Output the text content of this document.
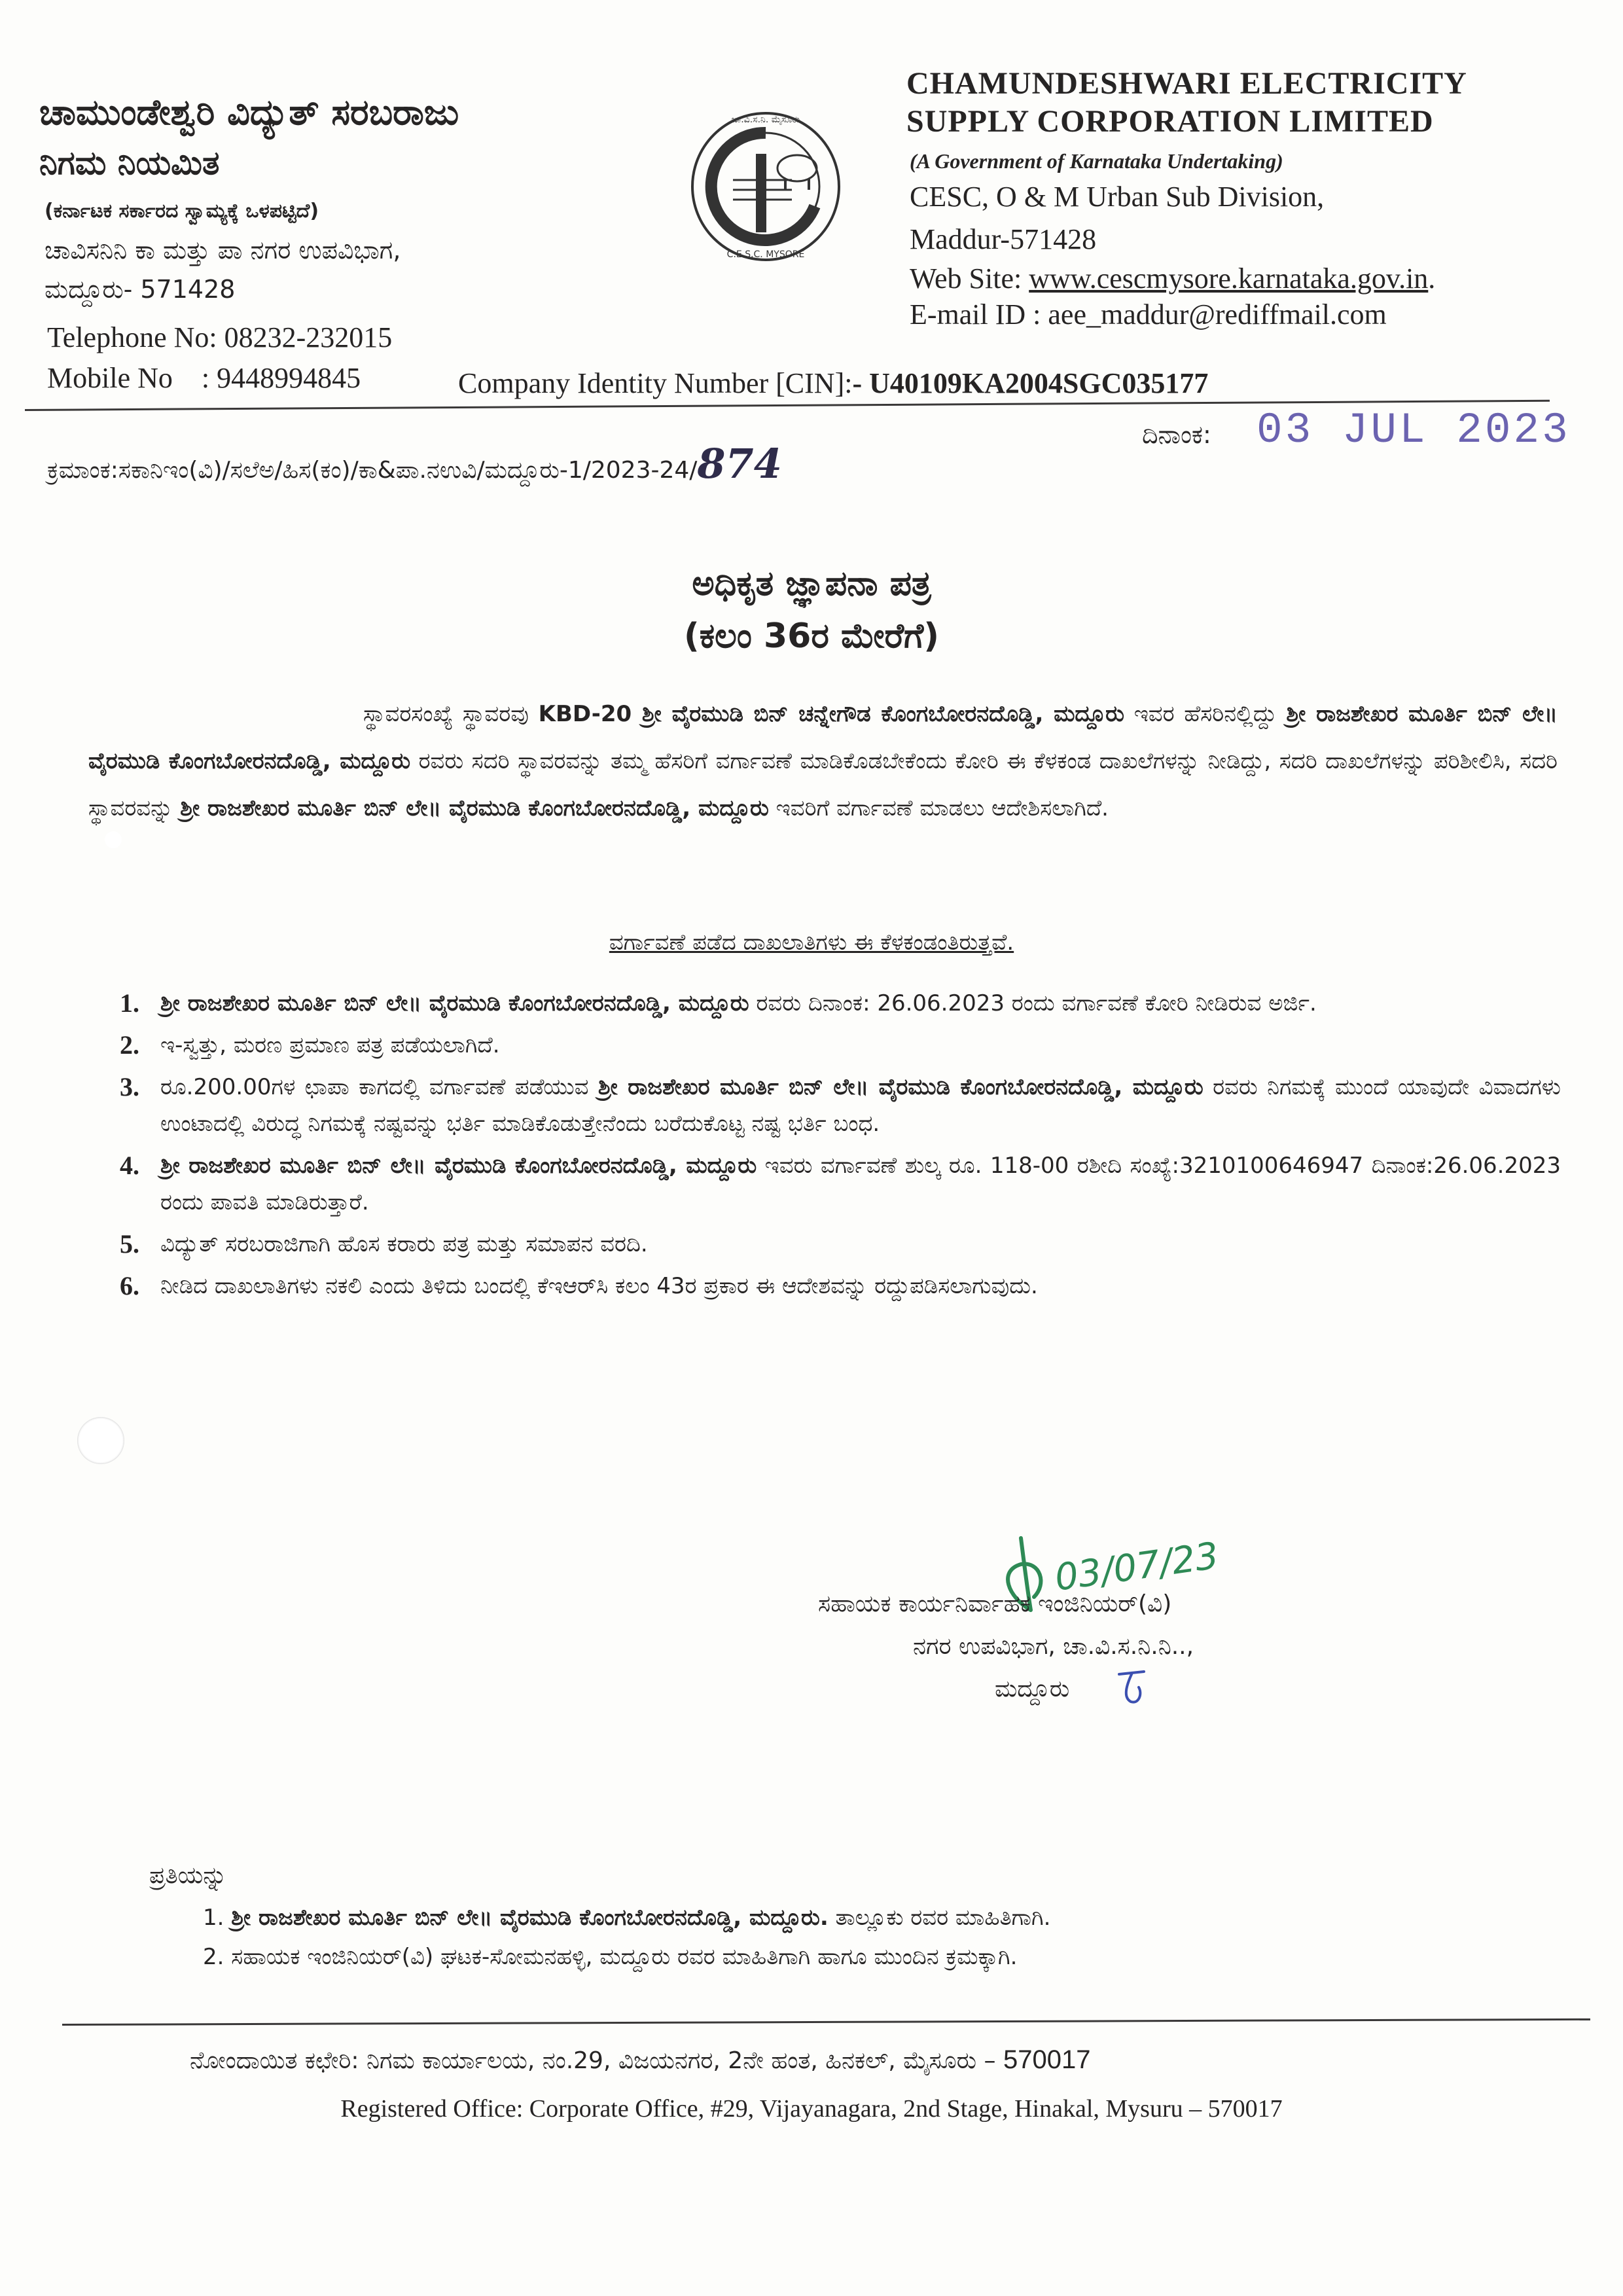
ಚಾಮುಂಡೇಶ್ವರಿ ವಿದ್ಯುತ್ ಸರಬರಾಜು
ನಿಗಮ ನಿಯಮಿತ
(ಕರ್ನಾಟಕ ಸರ್ಕಾರದ ಸ್ವಾಮ್ಯಕ್ಕೆ ಒಳಪಟ್ಟಿದೆ)
ಚಾವಿಸನಿನಿ ಕಾ ಮತ್ತು ಪಾ ನಗರ ಉಪವಿಭಾಗ,
ಮದ್ದೂರು- 571428
Telephone No: 08232-232015
Mobile No    : 9448994845
ಚಾ.ವಿ.ಸ.ನಿ. ಮೈಸೂರು
C.E.S.C. MYSORE
CHAMUNDESHWARI ELECTRICITY
SUPPLY CORPORATION LIMITED
(A Government of Karnataka Undertaking)
CESC, O & M Urban Sub Division,
Maddur-571428
Web Site: www.cescmysore.karnataka.gov.in.
E-mail ID : aee_maddur@rediffmail.com
Company Identity Number [CIN]:- U40109KA2004SGC035177
ಕ್ರಮಾಂಕ:ಸಕಾನಿಇಂ(ವಿ)/ಸಲೆಅ/ಹಿಸ(ಕಂ)/ಕಾ&ಪಾ.ನಉವಿ/ಮದ್ದೂರು-1/2023-24/874
ದಿನಾಂಕ: 03 JUL 2023
ಅಧಿಕೃತ ಜ್ಞಾಪನಾ ಪತ್ರ
(ಕಲಂ 36ರ ಮೇರೆಗೆ)
ಸ್ಥಾವರಸಂಖ್ಯೆ ಸ್ಥಾವರವು KBD-20 ಶ್ರೀ ವೈರಮುಡಿ ಬಿನ್ ಚನ್ನೇಗೌಡ ಕೊಂಗಬೋರನದೊಡ್ಡಿ, ಮದ್ದೂರು ಇವರ ಹೆಸರಿನಲ್ಲಿದ್ದು ಶ್ರೀ ರಾಜಶೇಖರ ಮೂರ್ತಿ ಬಿನ್ ಲೇ॥ ವೈರಮುಡಿ ಕೊಂಗಬೋರನದೊಡ್ಡಿ, ಮದ್ದೂರು ರವರು ಸದರಿ ಸ್ಥಾವರವನ್ನು ತಮ್ಮ ಹೆಸರಿಗೆ ವರ್ಗಾವಣೆ ಮಾಡಿಕೊಡಬೇಕೆಂದು ಕೋರಿ ಈ ಕೆಳಕಂಡ ದಾಖಲೆಗಳನ್ನು ನೀಡಿದ್ದು, ಸದರಿ ದಾಖಲೆಗಳನ್ನು ಪರಿಶೀಲಿಸಿ, ಸದರಿ ಸ್ಥಾವರವನ್ನು ಶ್ರೀ ರಾಜಶೇಖರ ಮೂರ್ತಿ ಬಿನ್ ಲೇ॥ ವೈರಮುಡಿ ಕೊಂಗಬೋರನದೊಡ್ಡಿ, ಮದ್ದೂರು ಇವರಿಗೆ ವರ್ಗಾವಣೆ ಮಾಡಲು ಆದೇಶಿಸಲಾಗಿದೆ.
ವರ್ಗಾವಣೆ ಪಡೆದ ದಾಖಲಾತಿಗಳು ಈ ಕೆಳಕಂಡಂತಿರುತ್ತವೆ.
1. ಶ್ರೀ ರಾಜಶೇಖರ ಮೂರ್ತಿ ಬಿನ್ ಲೇ॥ ವೈರಮುಡಿ ಕೊಂಗಬೋರನದೊಡ್ಡಿ, ಮದ್ದೂರು ರವರು ದಿನಾಂಕ: 26.06.2023 ರಂದು ವರ್ಗಾವಣೆ ಕೋರಿ ನೀಡಿರುವ ಅರ್ಜಿ.
2. ಇ-ಸ್ವತ್ತು, ಮರಣ ಪ್ರಮಾಣ ಪತ್ರ ಪಡೆಯಲಾಗಿದೆ.
3. ರೂ.200.00ಗಳ ಛಾಪಾ ಕಾಗದಲ್ಲಿ ವರ್ಗಾವಣೆ ಪಡೆಯುವ ಶ್ರೀ ರಾಜಶೇಖರ ಮೂರ್ತಿ ಬಿನ್ ಲೇ॥ ವೈರಮುಡಿ ಕೊಂಗಬೋರನದೊಡ್ಡಿ, ಮದ್ದೂರು ರವರು ನಿಗಮಕ್ಕೆ ಮುಂದೆ ಯಾವುದೇ ವಿವಾದಗಳು ಉಂಟಾದಲ್ಲಿ ವಿರುದ್ಧ ನಿಗಮಕ್ಕೆ ನಷ್ಟವನ್ನು ಭರ್ತಿ ಮಾಡಿಕೊಡುತ್ತೇನೆಂದು ಬರೆದುಕೊಟ್ಟ ನಷ್ಟ ಭರ್ತಿ ಬಂಧ.
4. ಶ್ರೀ ರಾಜಶೇಖರ ಮೂರ್ತಿ ಬಿನ್ ಲೇ॥ ವೈರಮುಡಿ ಕೊಂಗಬೋರನದೊಡ್ಡಿ, ಮದ್ದೂರು ಇವರು ವರ್ಗಾವಣೆ ಶುಲ್ಕ ರೂ. 118-00 ರಶೀದಿ ಸಂಖ್ಯೆ:3210100646947 ದಿನಾಂಕ:26.06.2023 ರಂದು ಪಾವತಿ ಮಾಡಿರುತ್ತಾರೆ.
5. ವಿದ್ಯುತ್ ಸರಬರಾಜಿಗಾಗಿ ಹೊಸ ಕರಾರು ಪತ್ರ ಮತ್ತು ಸಮಾಪನ ವರದಿ.
6. ನೀಡಿದ ದಾಖಲಾತಿಗಳು ನಕಲಿ ಎಂದು ತಿಳಿದು ಬಂದಲ್ಲಿ ಕೆಇಆರ್‌ಸಿ ಕಲಂ 43ರ ಪ್ರಕಾರ ಈ ಆದೇಶವನ್ನು ರದ್ದುಪಡಿಸಲಾಗುವುದು.
03/07/23
ಸಹಾಯಕ ಕಾರ್ಯನಿರ್ವಾಹಕ ಇಂಜಿನಿಯರ್(ವಿ)
ನಗರ ಉಪವಿಭಾಗ, ಚಾ.ವಿ.ಸ.ನಿ.ನಿ..,
ಮದ್ದೂರು
ಪ್ರತಿಯನ್ನು
1. ಶ್ರೀ ರಾಜಶೇಖರ ಮೂರ್ತಿ ಬಿನ್ ಲೇ॥ ವೈರಮುಡಿ ಕೊಂಗಬೋರನದೊಡ್ಡಿ, ಮದ್ದೂರು. ತಾಲ್ಲೂಕು ರವರ ಮಾಹಿತಿಗಾಗಿ.
2. ಸಹಾಯಕ ಇಂಜಿನಿಯರ್(ವಿ) ಘಟಕ-ಸೋಮನಹಳ್ಳಿ, ಮದ್ದೂರು ರವರ ಮಾಹಿತಿಗಾಗಿ ಹಾಗೂ ಮುಂದಿನ ಕ್ರಮಕ್ಕಾಗಿ.
ನೋಂದಾಯಿತ ಕಛೇರಿ: ನಿಗಮ ಕಾರ್ಯಾಲಯ, ನಂ.29, ವಿಜಯನಗರ, 2ನೇ ಹಂತ, ಹಿನಕಲ್, ಮೈಸೂರು – 570017
Registered Office: Corporate Office, #29, Vijayanagara, 2nd Stage, Hinakal, Mysuru – 570017
